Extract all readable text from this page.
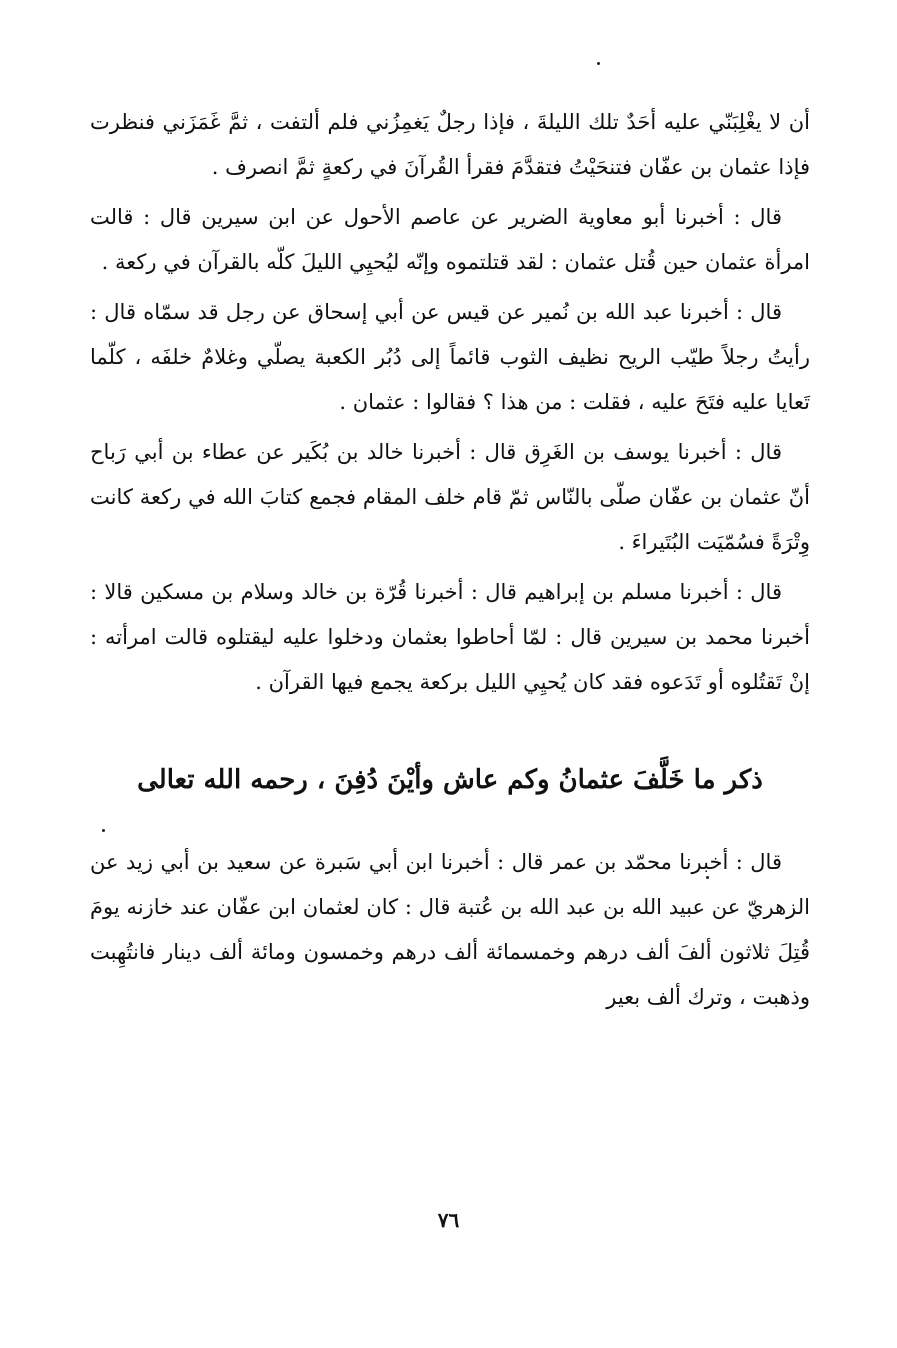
أن لا يغْلِبَنّي عليه أحَدٌ تلك الليلةَ ، فإذا رجلٌ يَغمِزُني فلم ألتفت ، ثمَّ غَمَزَني فنظرت فإذا عثمان بن عفّان فتنحَيْتُ فتقدَّمَ فقرأ القُرآنَ في ركعةٍ ثمَّ انصرف .

قال : أخبرنا أبو معاوية الضرير عن عاصم الأحول عن ابن سيرين قال : قالت امرأة عثمان حين قُتل عثمان : لقد قتلتموه وإنّه ليُحيِي الليلَ كلّه بالقرآن في ركعة .

قال : أخبرنا عبد الله بن نُمير عن قيس عن أبي إسحاق عن رجل قد سمّاه قال : رأيتُ رجلاً طيّب الريح نظيف الثوب قائماً إلى دُبُر الكعبة يصلّي وغلامٌ خلفَه ، كلّما تَعايا عليه فتَحَ عليه ، فقلت : من هذا ؟ فقالوا : عثمان .

قال : أخبرنا يوسف بن الغَرِق قال : أخبرنا خالد بن بُكَير عن عطاء بن أبي رَباح أنّ عثمان بن عفّان صلّى بالنّاس ثمّ قام خلف المقام فجمع كتابَ الله في ركعة كانت وِتْرَةً فسُمّيَت البُتَيراءَ .

قال : أخبرنا مسلم بن إبراهيم قال : أخبرنا قُرّة بن خالد وسلام بن مسكين قالا : أخبرنا محمد بن سيرين قال : لمّا أحاطوا بعثمان ودخلوا عليه ليقتلوه قالت امرأته : إنْ تَقتُلوه أو تَدَعوه فقد كان يُحيِي الليل بركعة يجمع فيها القرآن .

ذكر ما خَلَّفَ عثمانُ وكم عاش وأيْنَ دُفِنَ ، رحمه الله تعالى

قال : أخبرنا محمّد بن عمر قال : أخبرنا ابن أبي سَبرة عن سعيد بن أبي زيد عن الزهريّ عن عبيد الله بن عبد الله بن عُتبة قال : كان لعثمان ابن عفّان عند خازنه يومَ قُتِلَ ثلاثون ألفَ ألف درهم وخمسمائة ألف درهم وخمسون ومائة ألف دينار فانتُهِبت وذهبت ، وترك ألف بعير

٧٦
